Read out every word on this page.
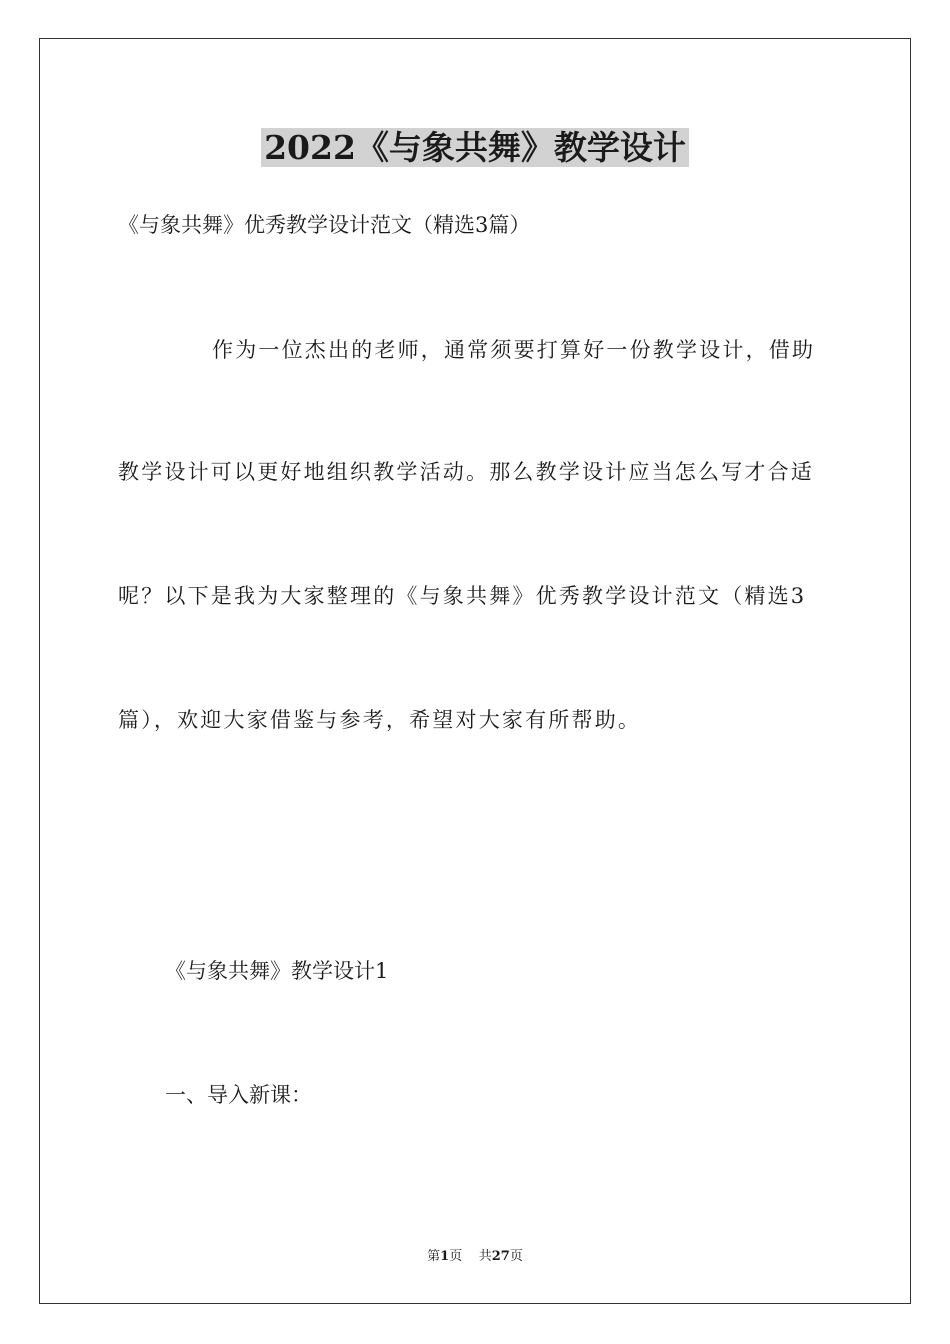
2022《与象共舞》教学设计

《与象共舞》优秀教学设计范文（精选3篇）

作为一位杰出的老师，通常须要打算好一份教学设计，借助

教学设计可以更好地组织教学活动。那么教学设计应当怎么写才合适

呢？以下是我为大家整理的《与象共舞》优秀教学设计范文（精选3

篇），欢迎大家借鉴与参考，希望对大家有所帮助。

《与象共舞》教学设计1

一、导入新课：

第1页 共27页
